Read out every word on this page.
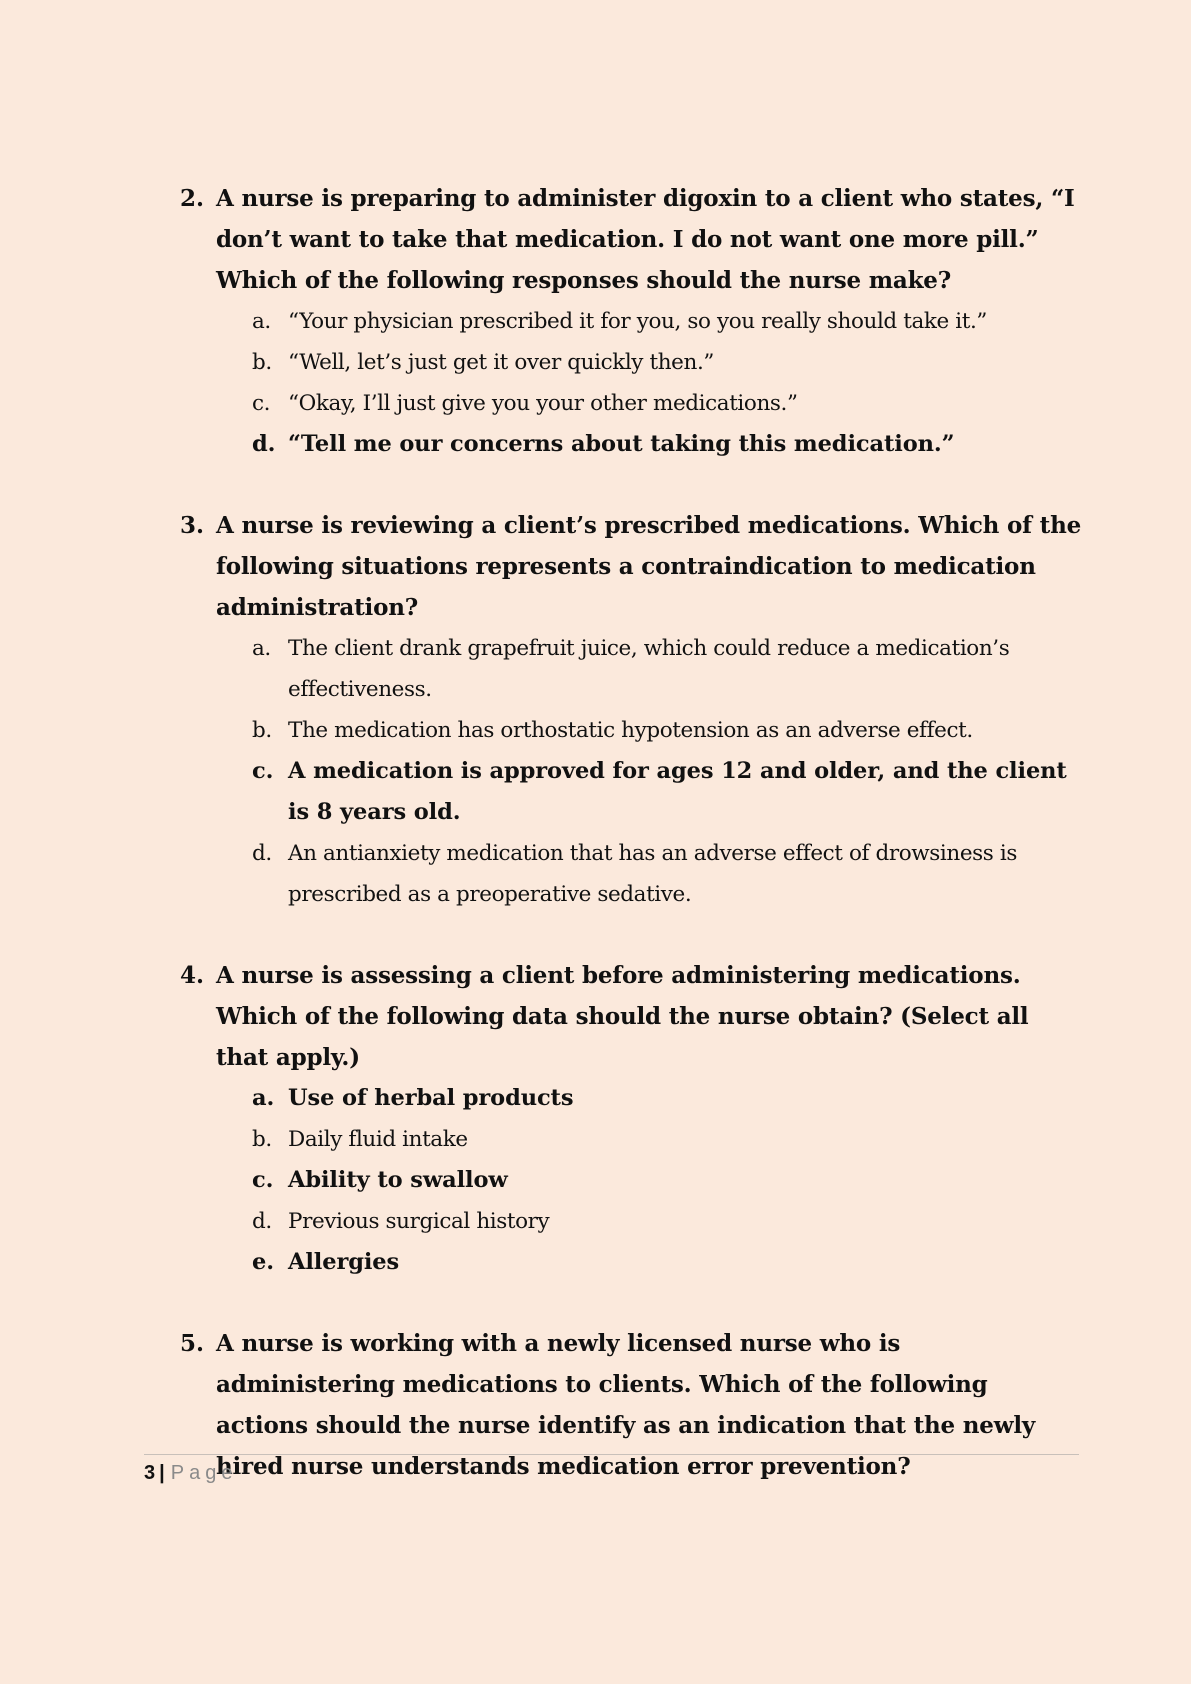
2. A nurse is preparing to administer digoxin to a client who states, “I don’t want to take that medication. I do not want one more pill.” Which of the following responses should the nurse make?
a. “Your physician prescribed it for you, so you really should take it.”
b. “Well, let’s just get it over quickly then.”
c. “Okay, I’ll just give you your other medications.”
d. “Tell me our concerns about taking this medication.”
3. A nurse is reviewing a client’s prescribed medications. Which of the following situations represents a contraindication to medication administration?
a. The client drank grapefruit juice, which could reduce a medication’s effectiveness.
b. The medication has orthostatic hypotension as an adverse effect.
c. A medication is approved for ages 12 and older, and the client is 8 years old.
d. An antianxiety medication that has an adverse effect of drowsiness is prescribed as a preoperative sedative.
4. A nurse is assessing a client before administering medications. Which of the following data should the nurse obtain? (Select all that apply.)
a. Use of herbal products
b. Daily fluid intake
c. Ability to swallow
d. Previous surgical history
e. Allergies
5. A nurse is working with a newly licensed nurse who is administering medications to clients. Which of the following actions should the nurse identify as an indication that the newly hired nurse understands medication error prevention?
3 | Page
